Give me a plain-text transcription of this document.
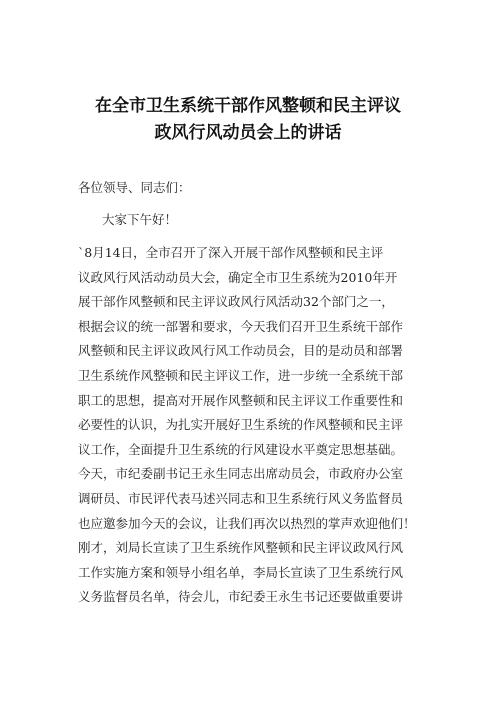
在全市卫生系统干部作风整顿和民主评议
政风行风动员会上的讲话
各位领导、同志们：
大家下午好！
`8月14日，全市召开了深入开展干部作风整顿和民主评
议政风行风活动动员大会，确定全市卫生系统为2010年开
展干部作风整顿和民主评议政风行风活动32个部门之一，
根据会议的统一部署和要求，今天我们召开卫生系统干部作
风整顿和民主评议政风行风工作动员会，目的是动员和部署
卫生系统作风整顿和民主评议工作，进一步统一全系统干部
职工的思想，提高对开展作风整顿和民主评议工作重要性和
必要性的认识，为扎实开展好卫生系统的作风整顿和民主评
议工作，全面提升卫生系统的行风建设水平奠定思想基础。
今天，市纪委副书记王永生同志出席动员会，市政府办公室
调研员、市民评代表马述兴同志和卫生系统行风义务监督员
也应邀参加今天的会议，让我们再次以热烈的掌声欢迎他们！
刚才，刘局长宣读了卫生系统作风整顿和民主评议政风行风
工作实施方案和领导小组名单，李局长宣读了卫生系统行风
义务监督员名单，待会儿，市纪委王永生书记还要做重要讲
